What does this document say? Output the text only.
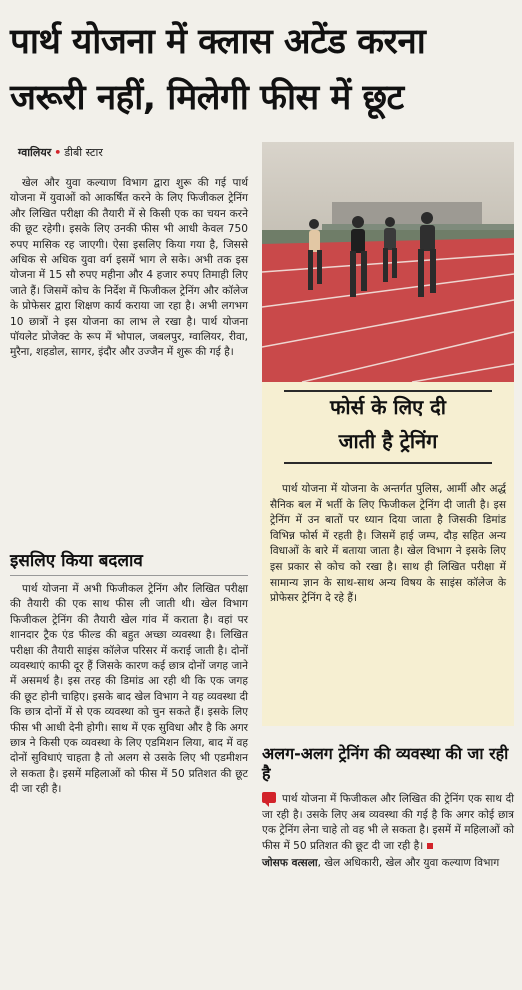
पार्थ योजना में क्लास अटेंड करना
जरूरी नहीं, मिलेगी फीस में छूट
ग्वालियर • डीबी स्टार

खेल और युवा कल्याण विभाग द्वारा शुरू की गई पार्थ योजना में युवाओं को आकर्षित करने के लिए फिजीकल ट्रेनिंग और लिखित परीक्षा की तैयारी में से किसी एक का चयन करने की छूट रहेगी। इसके लिए उनकी फीस भी आधी केवल 750 रुपए मासिक रह जाएगी। ऐसा इसलिए किया गया है, जिससे अधिक से अधिक युवा वर्ग इसमें भाग ले सके। अभी तक इस योजना में 15 सौ रुपए महीना और 4 हजार रुपए तिमाही लिए जाते हैं। जिसमें कोच के निर्देश में फिजीकल ट्रेनिंग और कॉलेज के प्रोफेसर द्वारा शिक्षण कार्य कराया जा रहा है। अभी लगभग 10 छात्रों ने इस योजना का लाभ ले रखा है। पार्थ योजना पॉयलेट प्रोजेक्ट के रूप में भोपाल, जबलपुर, ग्वालियर, रीवा, मुरैना, शहडोल, सागर, इंदौर और उज्जैन में शुरू की गई है।

इसलिए किया बदलाव

पार्थ योजना में अभी फिजीकल ट्रेनिंग और लिखित परीक्षा की तैयारी की एक साथ फीस ली जाती थी। खेल विभाग फिजीकल ट्रेनिंग की तैयारी खेल गांव में कराता है। वहां पर शानदार ट्रैक एंड फील्ड की बहुत अच्छा व्यवस्था है। लिखित परीक्षा की तैयारी साइंस कॉलेज परिसर में कराई जाती है। दोनों व्यवस्थाएं काफी दूर हैं जिसके कारण कई छात्र दोनों जगह जाने में असमर्थ है। इस तरह की डिमांड आ रही थी कि एक जगह की छूट होनी चाहिए। इसके बाद खेल विभाग ने यह व्यवस्था दी कि छात्र दोनों में से एक व्यवस्था को चुन सकते हैं। इसके लिए फीस भी आधी देनी होगी। साथ में एक सुविधा और है कि अगर छात्र ने किसी एक व्यवस्था के लिए एडमिशन लिया, बाद में वह दोनों सुविधाएं चाहता है तो अलग से उसके लिए भी एडमीशन ले सकता है। इसमें महिलाओं को फीस में 50 प्रतिशत की छूट दी जा रही है।

फोर्स के लिए दी
जाती है ट्रेनिंग

पार्थ योजना में योजना के अन्तर्गत पुलिस, आर्मी और अर्द्ध सैनिक बल में भर्ती के लिए फिजीकल ट्रेनिंग दी जाती है। इस ट्रेनिंग में उन बातों पर ध्यान दिया जाता है जिसकी डिमांड विभिन्न फोर्स में रहती है। जिसमें हाई जम्प, दौड़ सहित अन्य विधाओं के बारे में बताया जाता है। खेल विभाग ने इसके लिए इस प्रकार से कोच को रखा है। साथ ही लिखित परीक्षा में सामान्य ज्ञान के साथ-साथ अन्य विषय के साइंस कॉलेज के प्रोफेसर ट्रेनिंग दे रहे हैं।

अलग-अलग ट्रेनिंग की व्यवस्था की जा रही है

पार्थ योजना में फिजीकल और लिखित की ट्रेनिंग एक साथ दी जा रही है। उसके लिए अब व्यवस्था की गई है कि अगर कोई छात्र एक ट्रेनिंग लेना चाहे तो वह भी ले सकता है। इसमें में महिलाओं को फीस में 50 प्रतिशत की छूट दी जा रही है।

जोसफ वत्सला, खेल अधिकारी, खेल और युवा कल्याण विभाग
